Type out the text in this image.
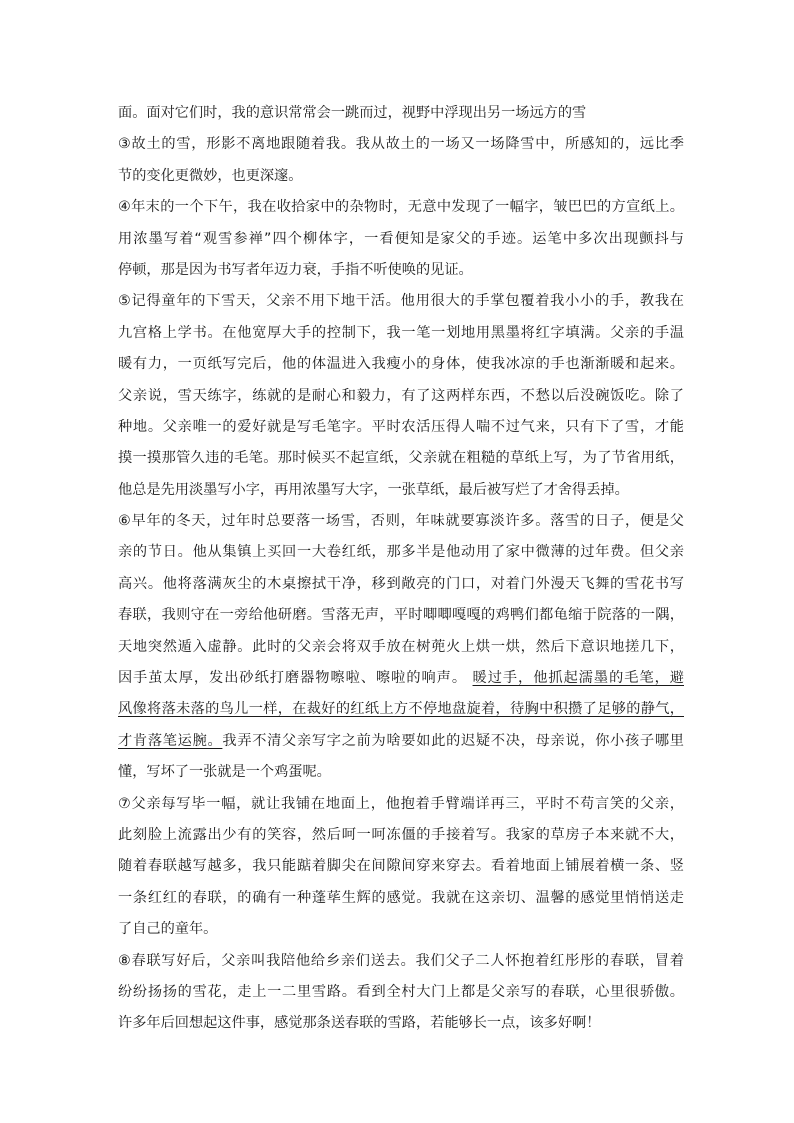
面。面对它们时，我的意识常常会一跳而过，视野中浮现出另一场远方的雪
③故土的雪，形影不离地跟随着我。我从故土的一场又一场降雪中，所感知的，远比季
节的变化更微妙，也更深邃。
④年末的一个下午，我在收拾家中的杂物时，无意中发现了一幅字，皱巴巴的方宣纸上。
用浓墨写着“观雪参禅”四个柳体字，一看便知是家父的手迹。运笔中多次出现颤抖与
停顿，那是因为书写者年迈力衰，手指不听使唤的见证。
⑤记得童年的下雪天，父亲不用下地干活。他用很大的手掌包覆着我小小的手，教我在
九宫格上学书。在他宽厚大手的控制下，我一笔一划地用黑墨将红字填满。父亲的手温
暖有力，一页纸写完后，他的体温进入我瘦小的身体，使我冰凉的手也渐渐暖和起来。
父亲说，雪天练字，练就的是耐心和毅力，有了这两样东西，不愁以后没碗饭吃。除了
种地。父亲唯一的爱好就是写毛笔字。平时农活压得人喘不过气来，只有下了雪，才能
摸一摸那管久违的毛笔。那时候买不起宣纸，父亲就在粗糙的草纸上写，为了节省用纸，
他总是先用淡墨写小字，再用浓墨写大字，一张草纸，最后被写烂了才舍得丢掉。
⑥早年的冬天，过年时总要落一场雪，否则，年味就要寡淡许多。落雪的日子，便是父
亲的节日。他从集镇上买回一大卷红纸，那多半是他动用了家中微薄的过年费。但父亲
高兴。他将落满灰尘的木桌擦拭干净，移到敞亮的门口，对着门外漫天飞舞的雪花书写
春联，我则守在一旁给他研磨。雪落无声，平时唧唧嘎嘎的鸡鸭们都龟缩于院落的一隅，
天地突然遁入虚静。此时的父亲会将双手放在树蔸火上烘一烘，然后下意识地搓几下，
因手茧太厚，发出砂纸打磨器物嚓啦、嚓啦的响声。 暖过手，他抓起濡墨的毛笔，避
风像将落未落的鸟儿一样，在裁好的红纸上方不停地盘旋着，待胸中积攒了足够的静气，
才肯落笔运腕。我弄不清父亲写字之前为啥要如此的迟疑不决，母亲说，你小孩子哪里
懂，写坏了一张就是一个鸡蛋呢。
⑦父亲每写毕一幅，就让我铺在地面上，他抱着手臂端详再三，平时不苟言笑的父亲，
此刻脸上流露出少有的笑容，然后呵一呵冻僵的手接着写。我家的草房子本来就不大，
随着春联越写越多，我只能踮着脚尖在间隙间穿来穿去。看着地面上铺展着横一条、竖
一条红红的春联，的确有一种蓬荜生辉的感觉。我就在这亲切、温馨的感觉里悄悄送走
了自己的童年。
⑧春联写好后，父亲叫我陪他给乡亲们送去。我们父子二人怀抱着红彤彤的春联，冒着
纷纷扬扬的雪花，走上一二里雪路。看到全村大门上都是父亲写的春联，心里很骄傲。
许多年后回想起这件事，感觉那条送春联的雪路，若能够长一点，该多好啊！
